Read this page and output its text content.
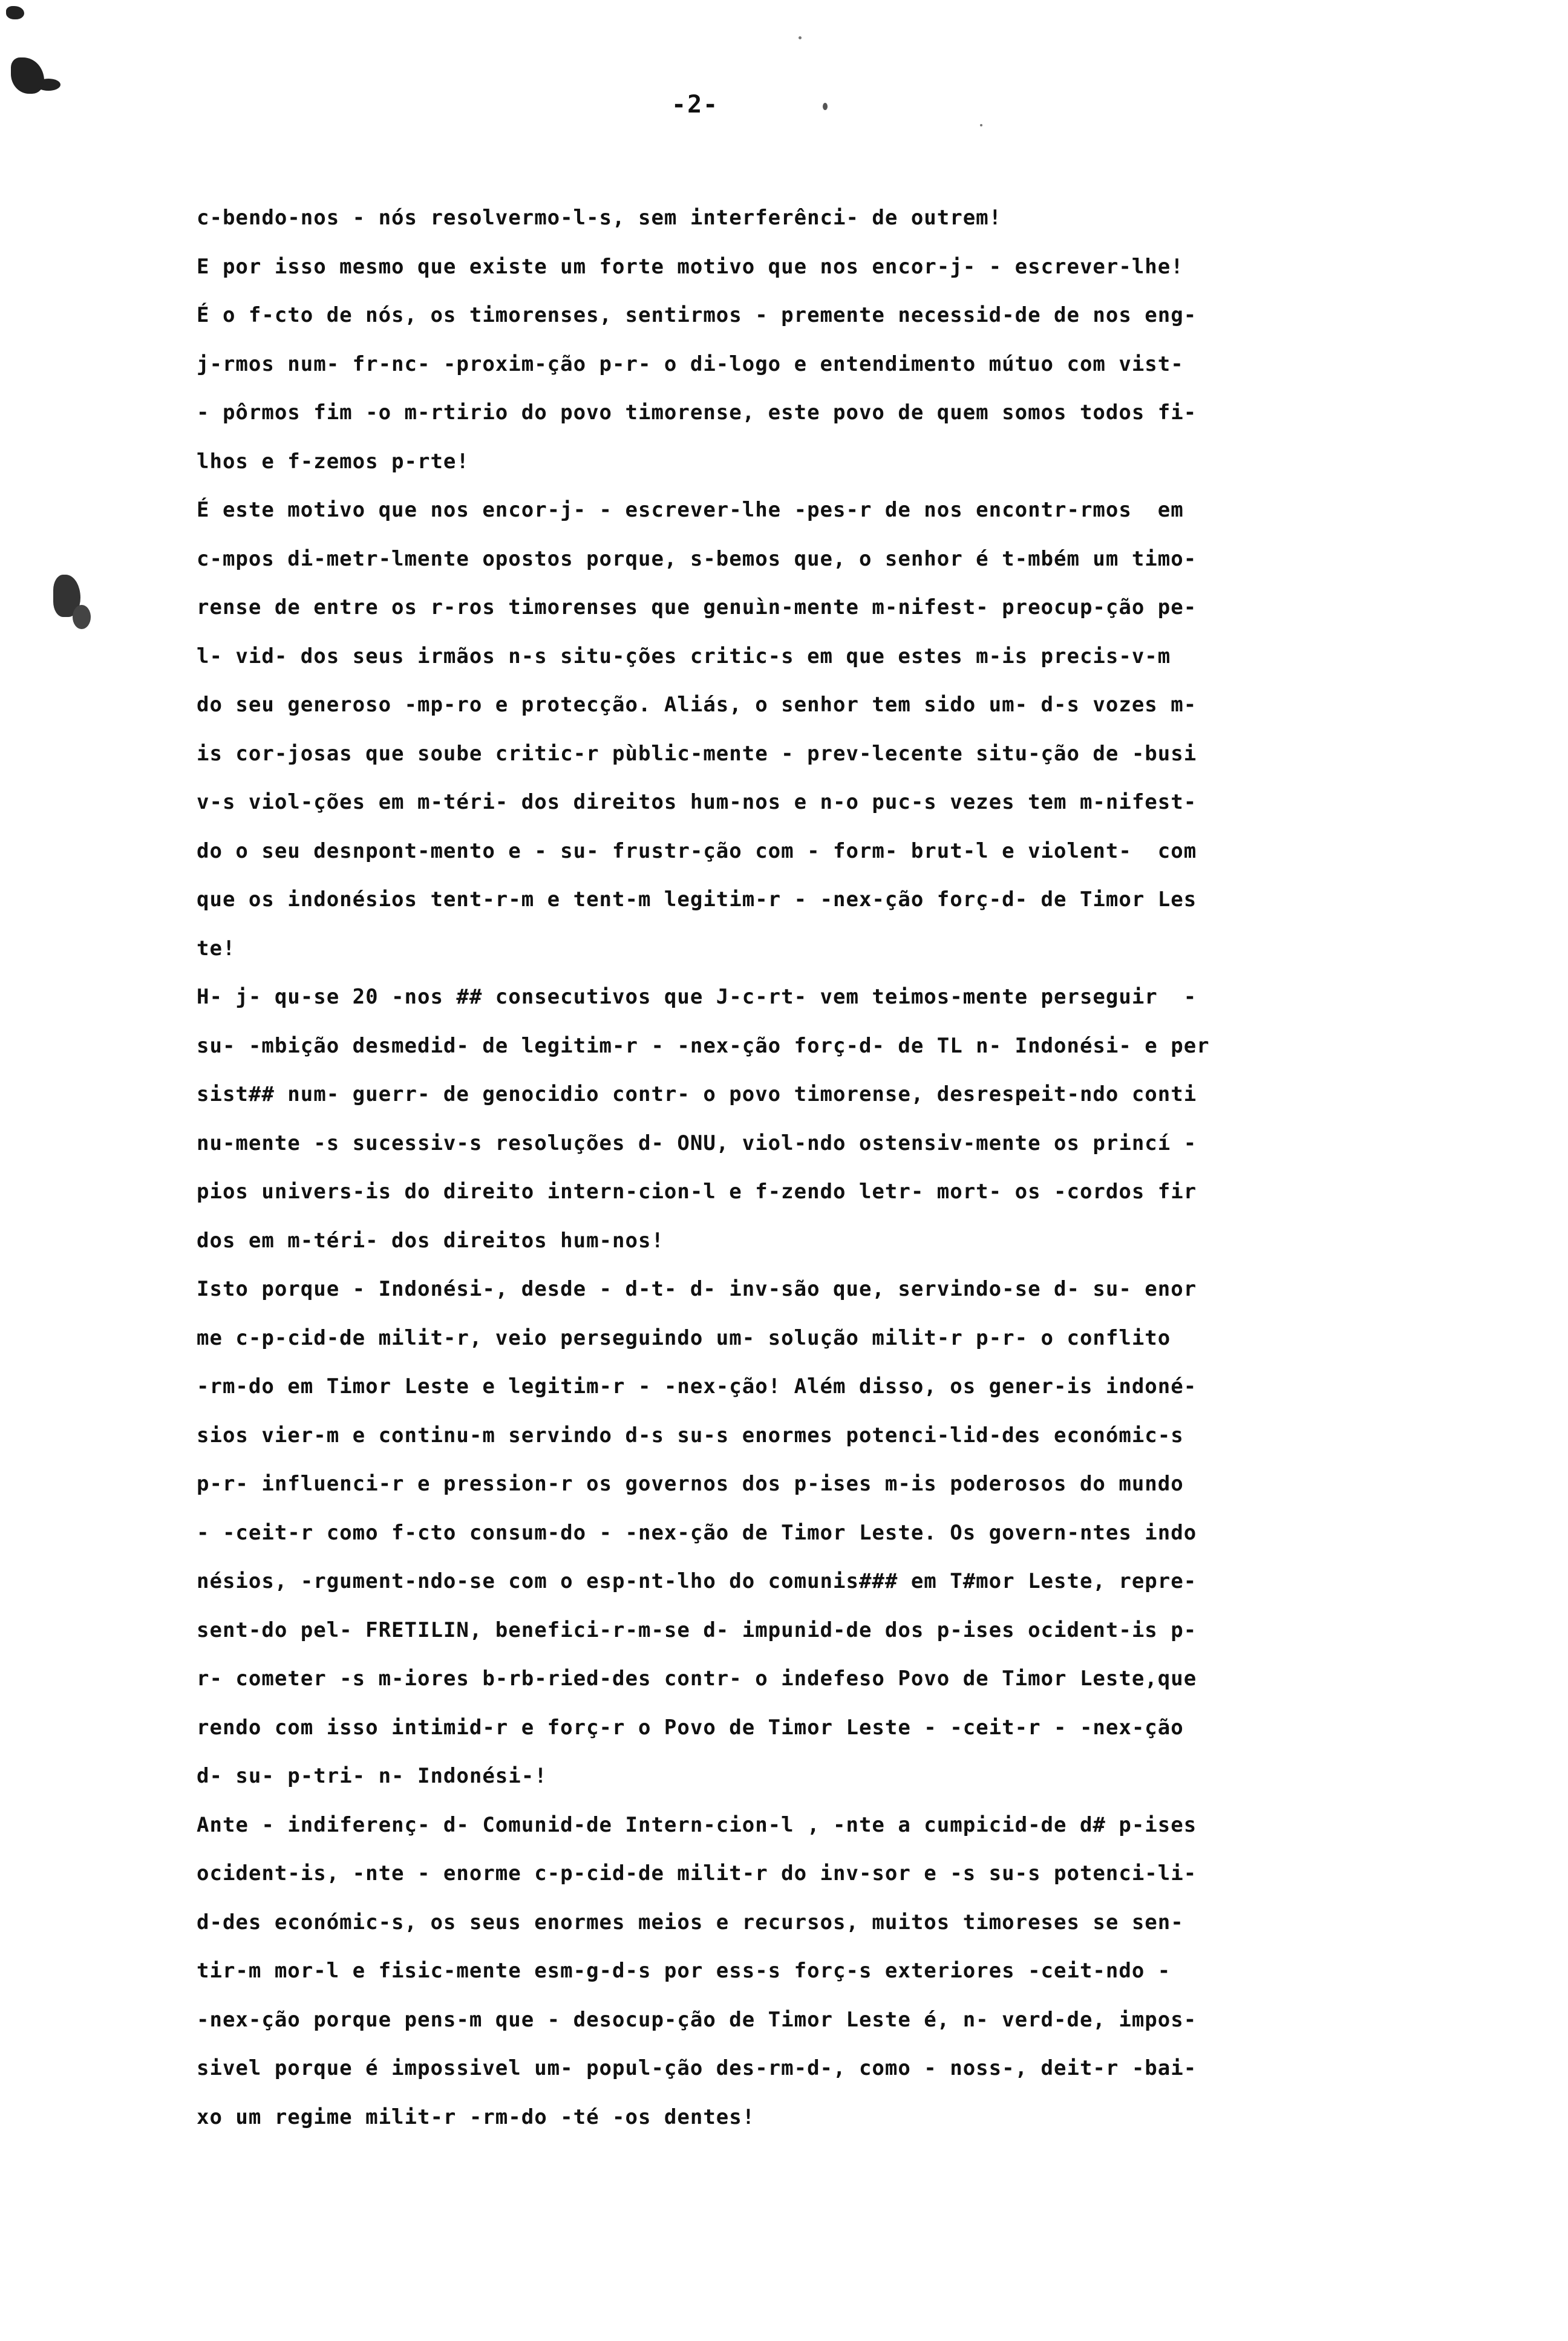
-2-
c-bendo-nos - nós resolvermo-l-s, sem interferênci- de outrem!
E por isso mesmo que existe um forte motivo que nos encor-j- - escrever-lhe!
É o f-cto de nós, os timorenses, sentirmos - premente necessid-de de nos eng-
j-rmos num- fr-nc- -proxim-ção p-r- o di-logo e entendimento mútuo com vist-
- pôrmos fim -o m-rtirio do povo timorense, este povo de quem somos todos fi-
lhos e f-zemos p-rte!
É este motivo que nos encor-j- - escrever-lhe -pes-r de nos encontr-rmos  em
c-mpos di-metr-lmente opostos porque, s-bemos que, o senhor é t-mbém um timo-
rense de entre os r-ros timorenses que genuìn-mente m-nifest- preocup-ção pe-
l- vid- dos seus irmãos n-s situ-ções critic-s em que estes m-is precis-v-m
do seu generoso -mp-ro e protecção. Aliás, o senhor tem sido um- d-s vozes m-
is cor-josas que soube critic-r pùblic-mente - prev-lecente situ-ção de -busi
v-s viol-ções em m-téri- dos direitos hum-nos e n-o puc-s vezes tem m-nifest-
do o seu desnpont-mento e - su- frustr-ção com - form- brut-l e violent-  com
que os indonésios tent-r-m e tent-m legitim-r - -nex-ção forç-d- de Timor Les
te!
H- j- qu-se 20 -nos ## consecutivos que J-c-rt- vem teimos-mente perseguir  -
su- -mbição desmedid- de legitim-r - -nex-ção forç-d- de TL n- Indonési- e per
sist## num- guerr- de genocidio contr- o povo timorense, desrespeit-ndo conti
nu-mente -s sucessiv-s resoluções d- ONU, viol-ndo ostensiv-mente os princí -
pios univers-is do direito intern-cion-l e f-zendo letr- mort- os -cordos fir
dos em m-téri- dos direitos hum-nos!
Isto porque - Indonési-, desde - d-t- d- inv-são que, servindo-se d- su- enor
me c-p-cid-de milit-r, veio perseguindo um- solução milit-r p-r- o conflito
-rm-do em Timor Leste e legitim-r - -nex-ção! Além disso, os gener-is indoné-
sios vier-m e continu-m servindo d-s su-s enormes potenci-lid-des económic-s
p-r- influenci-r e pression-r os governos dos p-ises m-is poderosos do mundo
- -ceit-r como f-cto consum-do - -nex-ção de Timor Leste. Os govern-ntes indo
nésios, -rgument-ndo-se com o esp-nt-lho do comunis### em T#mor Leste, repre-
sent-do pel- FRETILIN, benefici-r-m-se d- impunid-de dos p-ises ocident-is p-
r- cometer -s m-iores b-rb-ried-des contr- o indefeso Povo de Timor Leste,que
rendo com isso intimid-r e forç-r o Povo de Timor Leste - -ceit-r - -nex-ção
d- su- p-tri- n- Indonési-!
Ante - indiferenç- d- Comunid-de Intern-cion-l , -nte a cumpicid-de d# p-ises
ocident-is, -nte - enorme c-p-cid-de milit-r do inv-sor e -s su-s potenci-li-
d-des económic-s, os seus enormes meios e recursos, muitos timoreses se sen-
tir-m mor-l e fisic-mente esm-g-d-s por ess-s forç-s exteriores -ceit-ndo -
-nex-ção porque pens-m que - desocup-ção de Timor Leste é, n- verd-de, impos-
sivel porque é impossivel um- popul-ção des-rm-d-, como - noss-, deit-r -bai-
xo um regime milit-r -rm-do -té -os dentes!
